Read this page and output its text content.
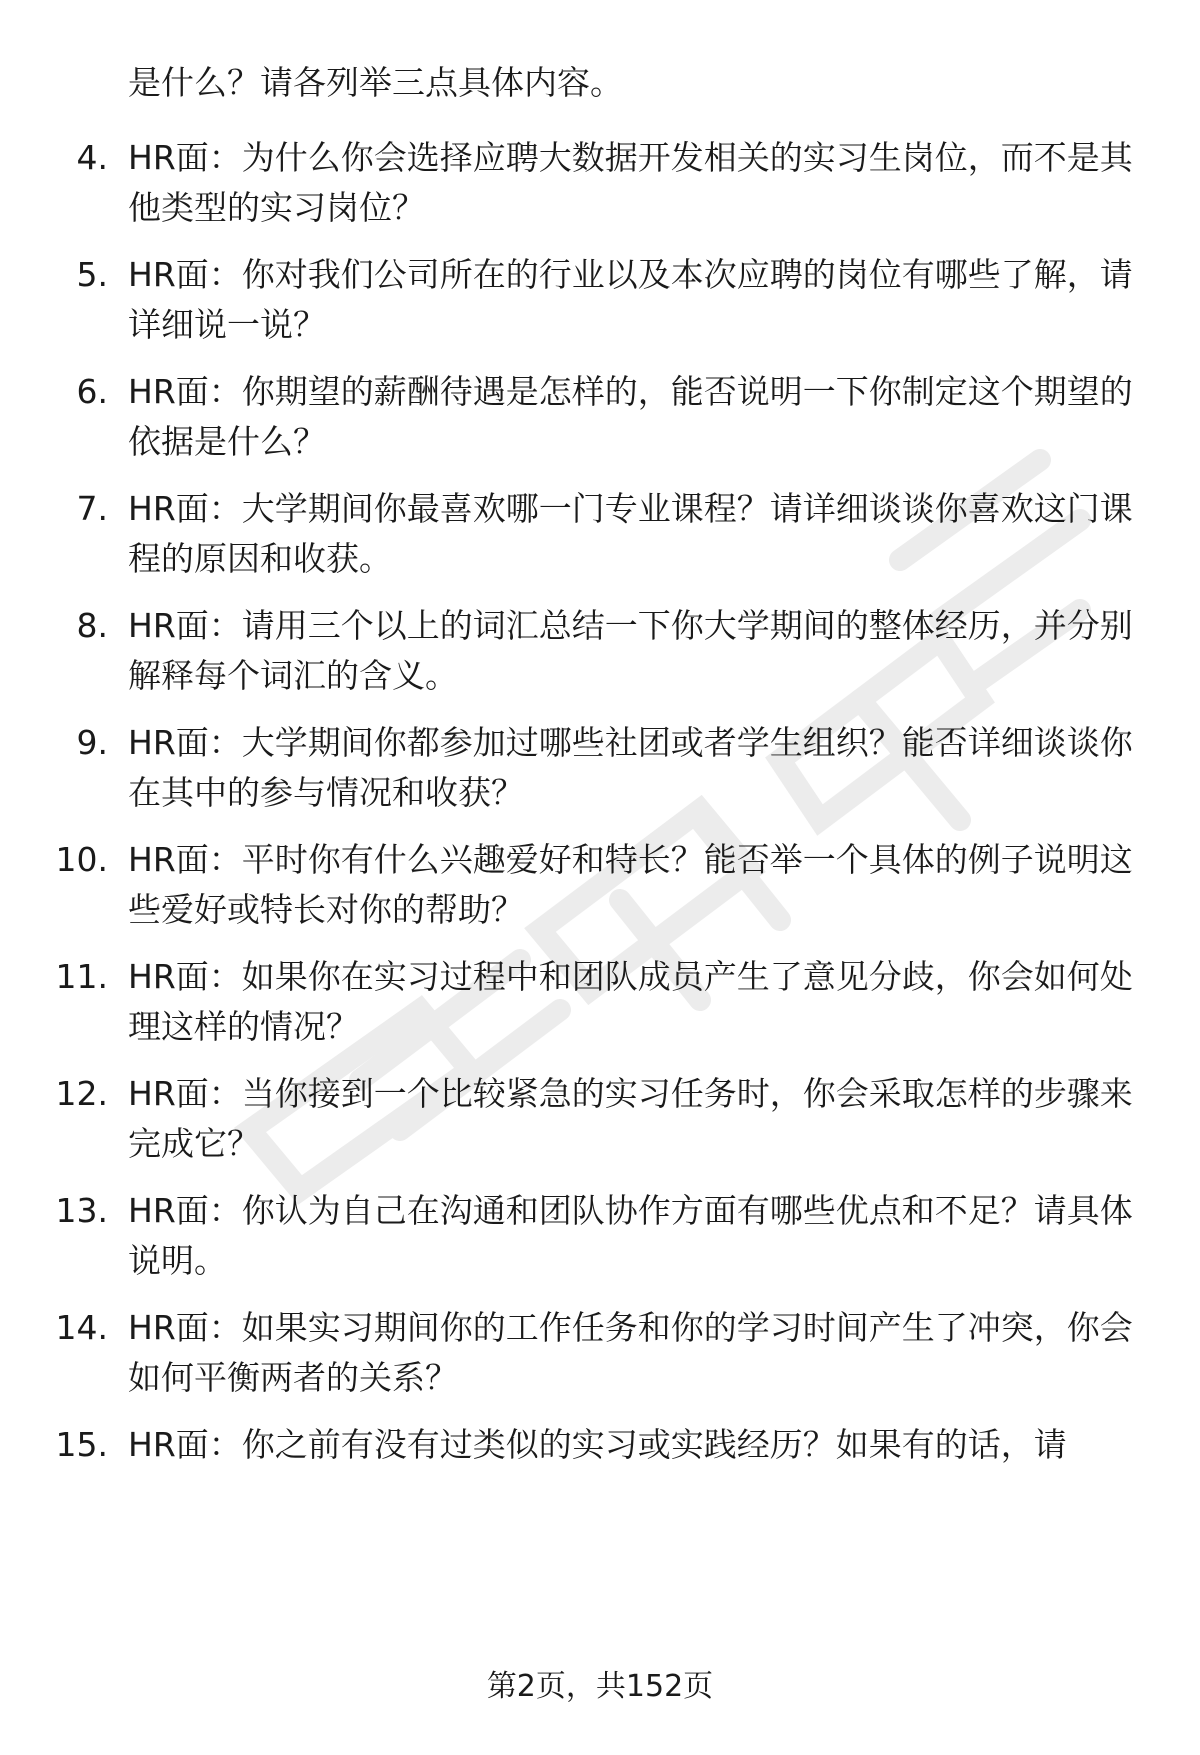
是什么？请各列举三点具体内容。
4. HR面：为什么你会选择应聘大数据开发相关的实习生岗位，而不是其他类型的实习岗位？
5. HR面：你对我们公司所在的行业以及本次应聘的岗位有哪些了解，请详细说一说？
6. HR面：你期望的薪酬待遇是怎样的，能否说明一下你制定这个期望的依据是什么？
7. HR面：大学期间你最喜欢哪一门专业课程？请详细谈谈你喜欢这门课程的原因和收获。
8. HR面：请用三个以上的词汇总结一下你大学期间的整体经历，并分别解释每个词汇的含义。
9. HR面：大学期间你都参加过哪些社团或者学生组织？能否详细谈谈你在其中的参与情况和收获？
10. HR面：平时你有什么兴趣爱好和特长？能否举一个具体的例子说明这些爱好或特长对你的帮助？
11. HR面：如果你在实习过程中和团队成员产生了意见分歧，你会如何处理这样的情况？
12. HR面：当你接到一个比较紧急的实习任务时，你会采取怎样的步骤来完成它？
13. HR面：你认为自己在沟通和团队协作方面有哪些优点和不足？请具体说明。
14. HR面：如果实习期间你的工作任务和你的学习时间产生了冲突，你会如何平衡两者的关系？
15. HR面：你之前有没有过类似的实习或实践经历？如果有的话，请
第2页，共152页
